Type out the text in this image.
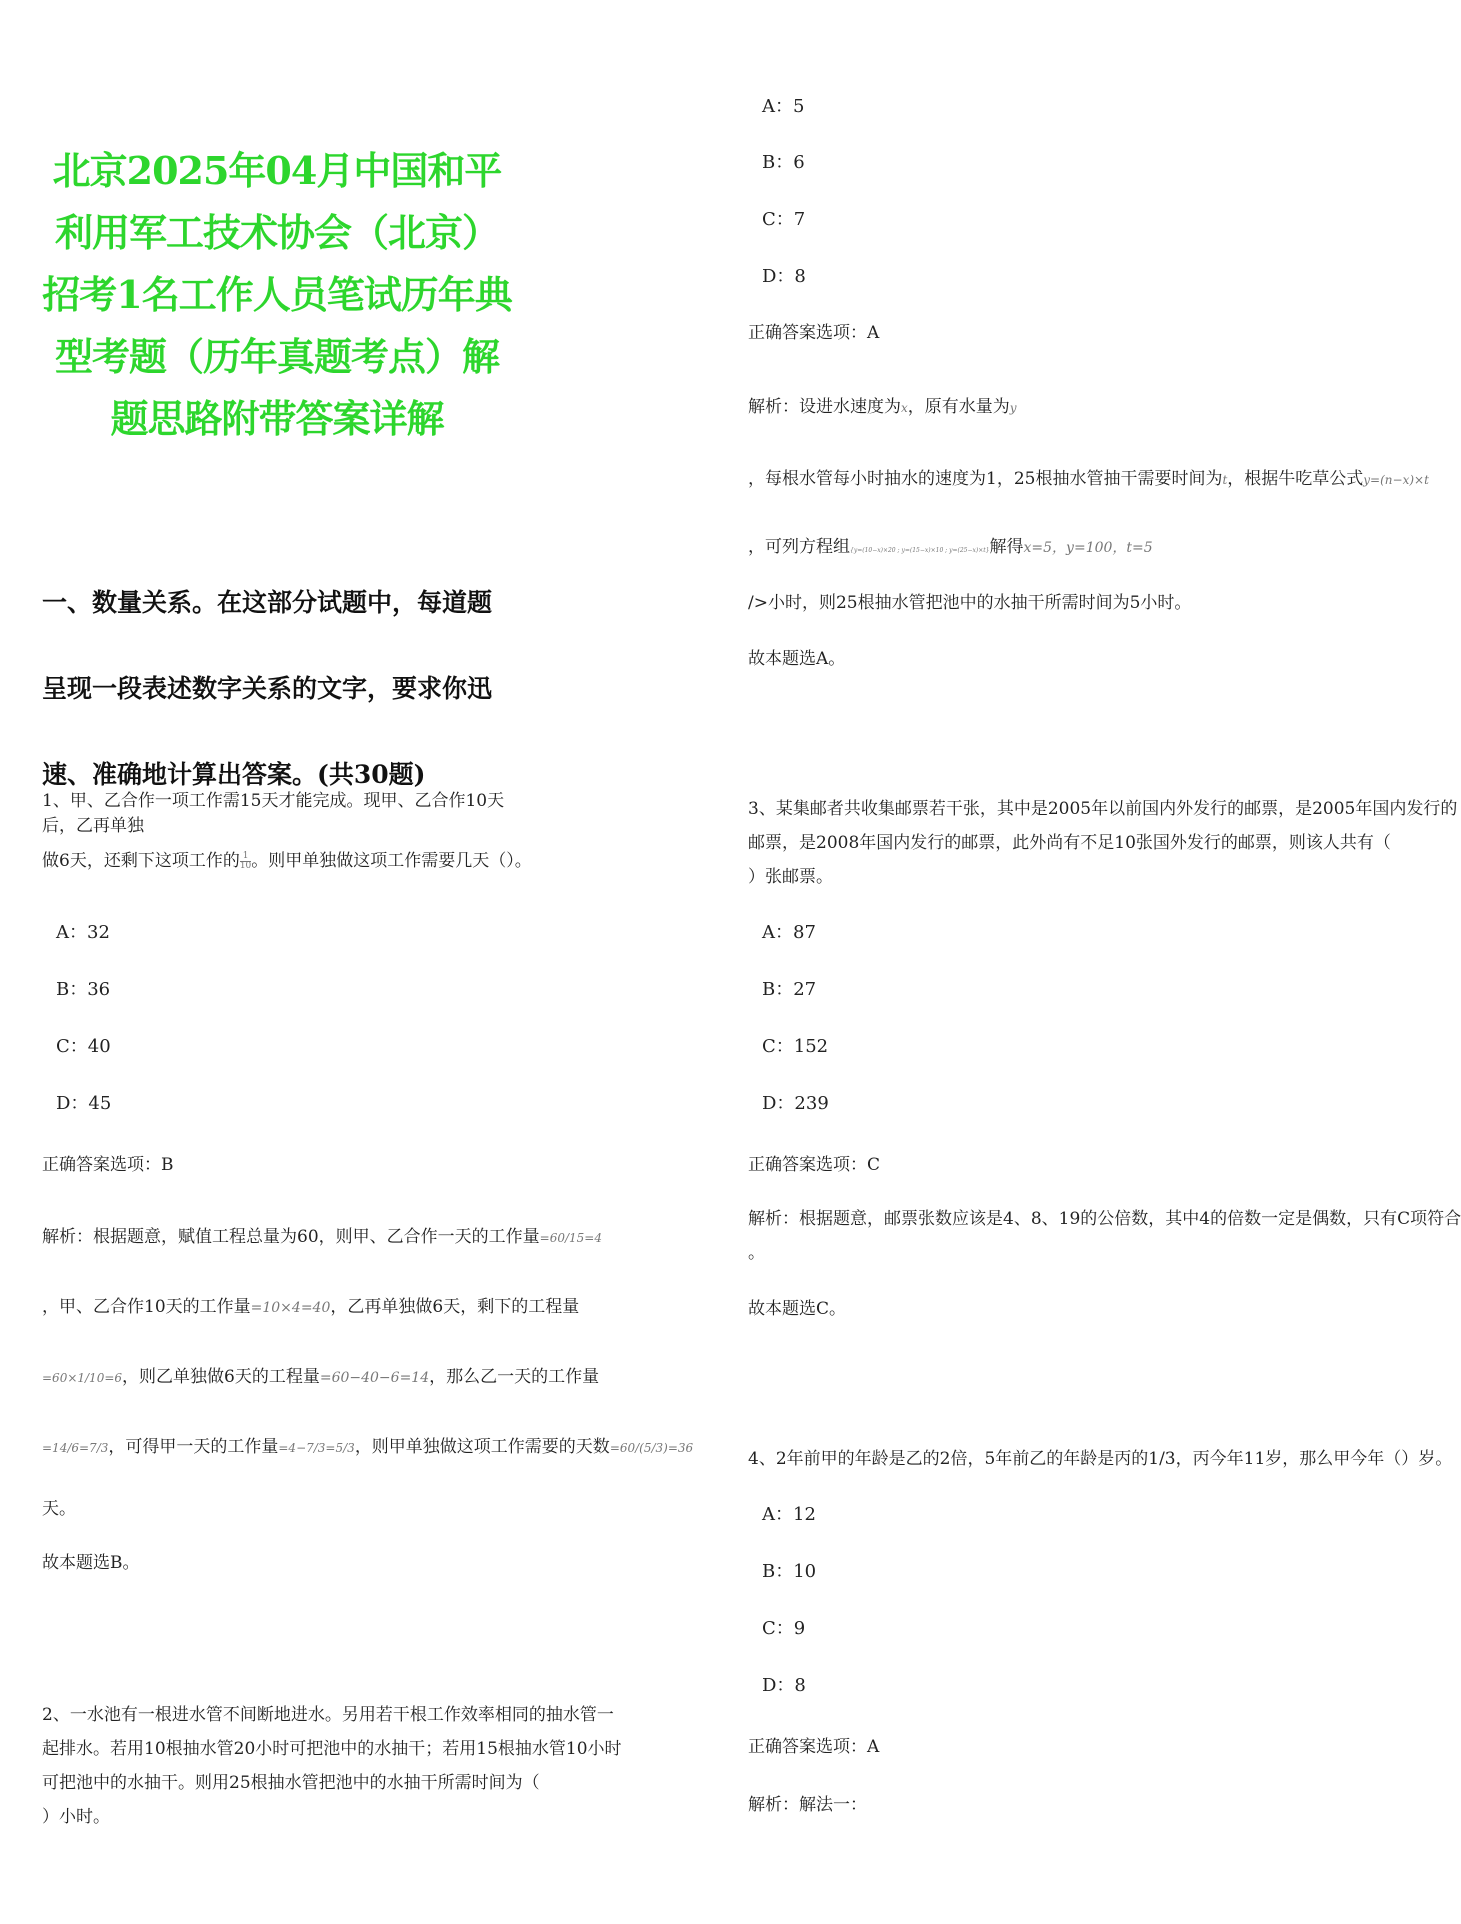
北京2025年04月中国和平利用军工技术协会（北京）招考1名工作人员笔试历年典型考题（历年真题考点）解题思路附带答案详解
一、数量关系。在这部分试题中，每道题呈现一段表述数字关系的文字，要求你迅速、准确地计算出答案。(共30题)
1、甲、乙合作一项工作需15天才能完成。现甲、乙合作10天后，乙再单独
做6天，还剩下这项工作的 $\frac{1}{10}$ 。则甲单独做这项工作需要几天（）。
A：32
B：36
C：40
D：45
正确答案选项：B
解析：根据题意，赋值工程总量为60，则甲、乙合作一天的工作量=60/15=4
，甲、乙合作10天的工作量=10×4=40，乙再单独做6天，剩下的工程量
=60×1/10=6，则乙单独做6天的工程量=60−40−6=14，那么乙一天的工作量
=14/6=7/3，可得甲一天的工作量=4−7/3=5/3，则甲单独做这项工作需要的天数=60/(5/3)=36
天。
故本题选B。
2、一水池有一根进水管不间断地进水。另用若干根工作效率相同的抽水管一
起排水。若用10根抽水管20小时可把池中的水抽干；若用15根抽水管10小时
可把池中的水抽干。则用25根抽水管把池中的水抽干所需时间为（
）小时。
A：5
B：6
C：7
D：8
正确答案选项：A
解析：设进水速度为x，原有水量为y
，每根水管每小时抽水的速度为1，25根抽水管抽干需要时间为t，根据牛吃草公式y=(n−x)×t
，可列方程组{y=(10−x)×20 ; y=(15−x)×10 ; y=(25−x)×t}解得x=5，y=100，t=5
/>小时，则25根抽水管把池中的水抽干所需时间为5小时。
故本题选A。
3、某集邮者共收集邮票若干张，其中是2005年以前国内外发行的邮票，是2005年国内发行的
邮票，是2008年国内发行的邮票，此外尚有不足10张国外发行的邮票，则该人共有（
）张邮票。
A：87
B：27
C：152
D：239
正确答案选项：C
解析：根据题意，邮票张数应该是4、8、19的公倍数，其中4的倍数一定是偶数，只有C项符合
。
故本题选C。
4、2年前甲的年龄是乙的2倍，5年前乙的年龄是丙的1/3，丙今年11岁，那么甲今年（）岁。
A：12
B：10
C：9
D：8
正确答案选项：A
解析：解法一：
